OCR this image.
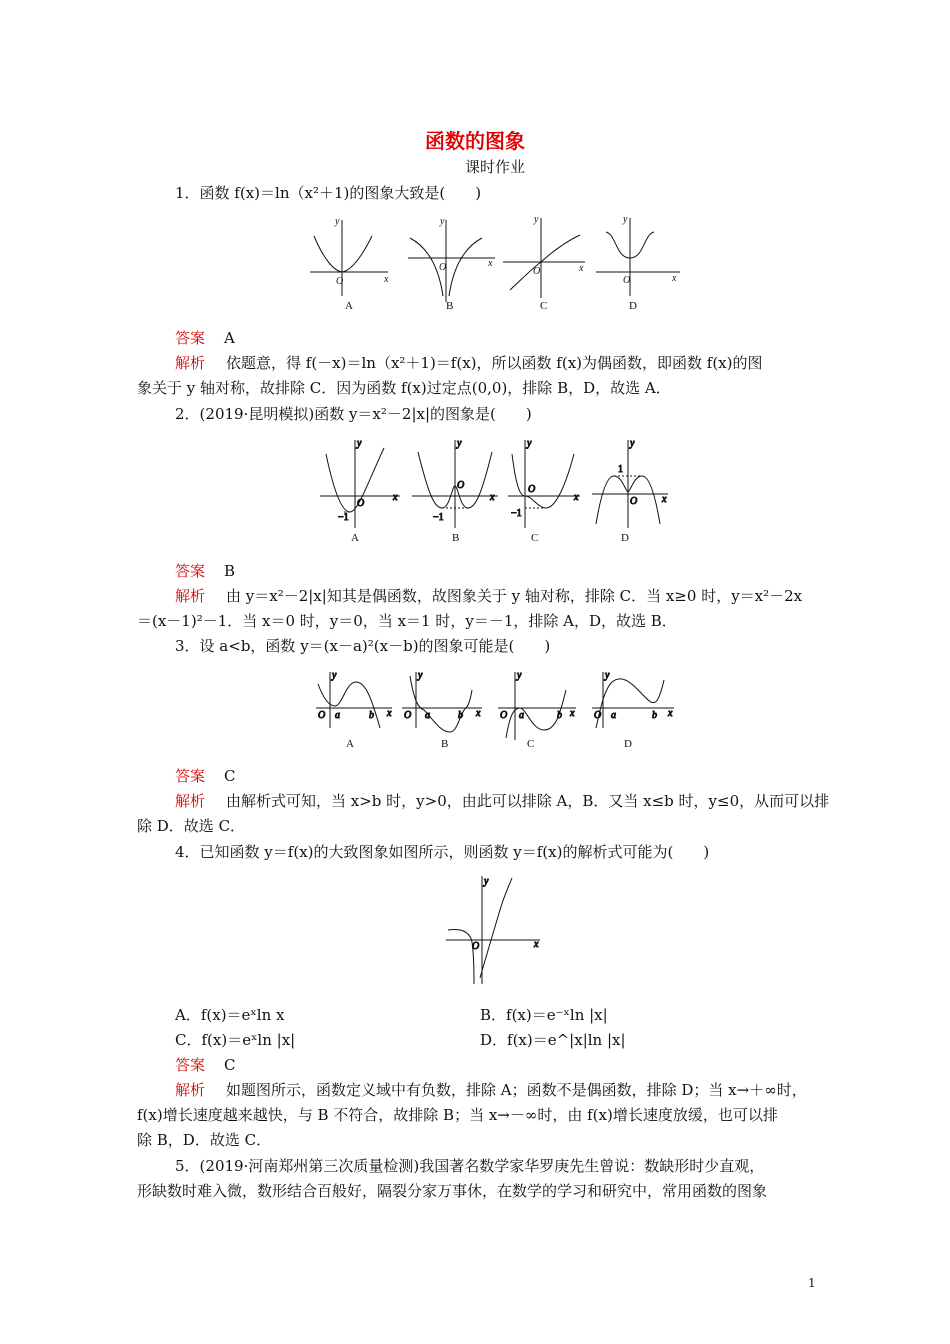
函数的图象
课时作业
1．函数 f(x)＝ln（x²＋1)的图象大致是(　　)
y
x
O
y
x
O
y
x
O
y
x
O
A	B	C	D
答案 A
解析 依题意，得 f(－x)＝ln（x²＋1)＝f(x)，所以函数 f(x)为偶函数，即函数 f(x)的图
象关于 y 轴对称，故排除 C．因为函数 f(x)过定点(0,0)，排除 B，D，故选 A．
2．(2019·昆明模拟)函数 y＝x²－2|x|的图象是(　　)
y
x
−1
O
y
x
−1
O
y
x
−1
O
y
x
1
O
A	B	C	D
答案 B
解析 由 y＝x²－2|x|知其是偶函数，故图象关于 y 轴对称，排除 C．当 x≥0 时，y＝x²－2x
＝(x－1)²－1．当 x＝0 时，y＝0，当 x＝1 时，y＝－1，排除 A，D，故选 B．
3．设 a<b，函数 y＝(x－a)²(x－b)的图象可能是(　　)
y
x
O a	b
y
x
O a	b
y
x
O a	b
y
x
O a	b
A	B	C	D
答案 C
解析 由解析式可知，当 x>b 时，y>0，由此可以排除 A，B．又当 x≤b 时，y≤0，从而可以排
除 D．故选 C．
4．已知函数 y＝f(x)的大致图象如图所示，则函数 y＝f(x)的解析式可能为(　　)
y
x
O
A．f(x)＝eˣln x	B．f(x)＝e⁻ˣln |x|
C．f(x)＝eˣln |x|	D．f(x)＝e^|x|ln |x|
答案 C
解析 如题图所示，函数定义域中有负数，排除 A；函数不是偶函数，排除 D；当 x→＋∞时，
f(x)增长速度越来越快，与 B 不符合，故排除 B；当 x→－∞时，由 f(x)增长速度放缓，也可以排
除 B，D．故选 C．
5．(2019·河南郑州第三次质量检测)我国著名数学家华罗庚先生曾说：数缺形时少直观，
形缺数时难入微，数形结合百般好，隔裂分家万事休，在数学的学习和研究中，常用函数的图象
1
